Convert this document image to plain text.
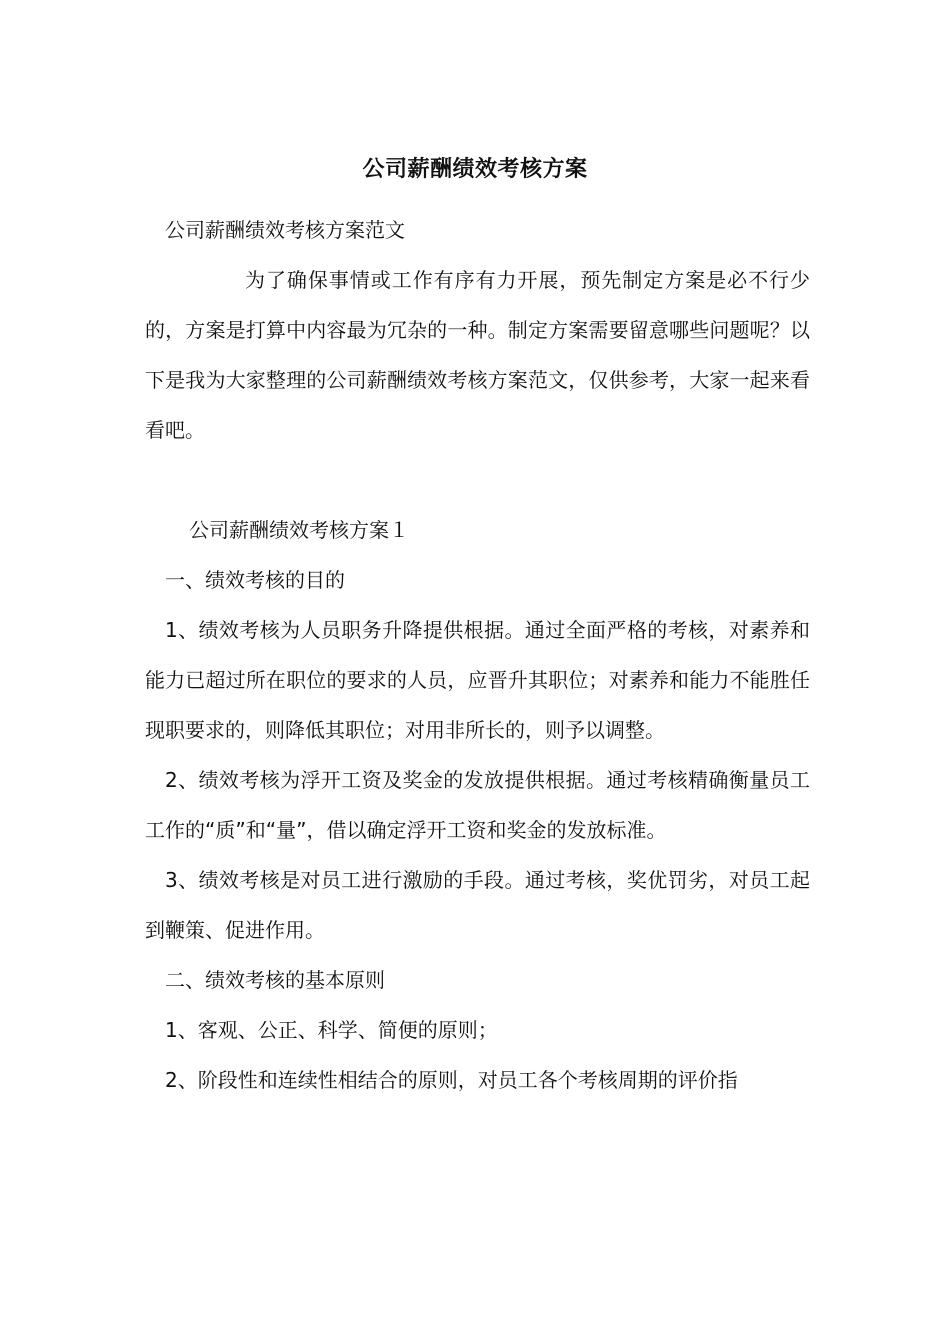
公司薪酬绩效考核方案

公司薪酬绩效考核方案范文

为了确保事情或工作有序有力开展，预先制定方案是必不行少的，方案是打算中内容最为冗杂的一种。制定方案需要留意哪些问题呢？以下是我为大家整理的公司薪酬绩效考核方案范文，仅供参考，大家一起来看看吧。

公司薪酬绩效考核方案１

一、绩效考核的目的

1、绩效考核为人员职务升降提供根据。通过全面严格的考核，对素养和能力已超过所在职位的要求的人员，应晋升其职位；对素养和能力不能胜任现职要求的，则降低其职位；对用非所长的，则予以调整。

2、绩效考核为浮开工资及奖金的发放提供根据。通过考核精确衡量员工工作的“质”和“量”，借以确定浮开工资和奖金的发放标准。

3、绩效考核是对员工进行激励的手段。通过考核，奖优罚劣，对员工起到鞭策、促进作用。

二、绩效考核的基本原则

1、客观、公正、科学、简便的原则；

2、阶段性和连续性相结合的原则，对员工各个考核周期的评价指
